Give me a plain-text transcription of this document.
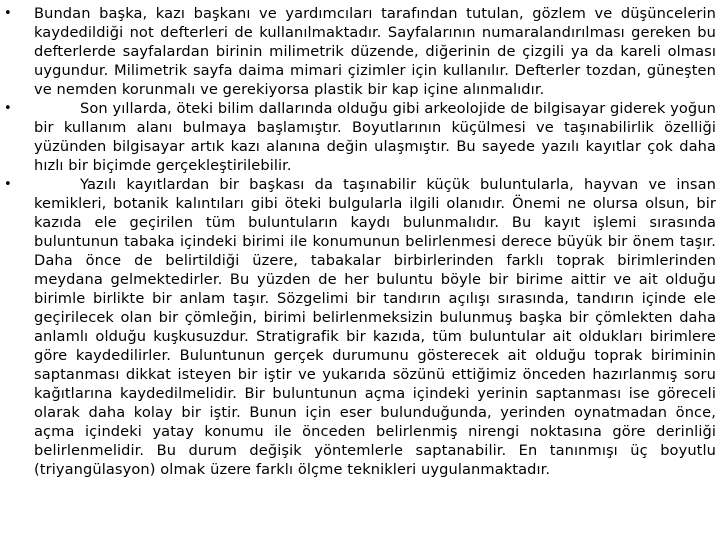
•	Bundan başka, kazı başkanı ve yardımcıları tarafından tutulan, gözlem ve düşüncelerin kaydedildiği not defterleri de kullanılmaktadır. Sayfalarının numaralandırılması gereken bu defterlerde sayfalardan birinin milimetrik düzende, diğerinin de çizgili ya da kareli olması uygundur. Milimetrik sayfa daima mimari çizimler için kullanılır. Defterler tozdan, güneşten ve nemden korunmalı ve gerekiyorsa plastik bir kap içine alınmalıdır.
•	Son yıllarda, öteki bilim dallarında olduğu gibi arkeolojide de bilgisayar giderek yoğun bir kullanım alanı bulmaya başlamıştır. Boyutlarının küçülmesi ve taşınabilirlik özelliği yüzünden bilgisayar artık kazı alanına değin ulaşmıştır. Bu sayede yazılı kayıtlar çok daha hızlı bir biçimde gerçekleştirilebilir.
•	Yazılı kayıtlardan bir başkası da taşınabilir küçük buluntularla, hayvan ve insan kemikleri, botanik kalıntıları gibi öteki bulgularla ilgili olanıdır. Önemi ne olursa olsun, bir kazıda ele geçirilen tüm buluntuların kaydı bulunmalıdır. Bu kayıt işlemi sırasında buluntunun tabaka içindeki birimi ile konumunun belirlenmesi derece büyük bir önem taşır. Daha önce de belirtildiği üzere, tabakalar birbirlerinden farklı toprak birimlerinden meydana gelmektedirler. Bu yüzden de her buluntu böyle bir birime aittir ve ait olduğu birimle birlikte bir anlam taşır. Sözgelimi bir tandırın açılışı sırasında, tandırın içinde ele geçirilecek olan bir çömleğin, birimi belirlenmeksizin bulunmuş başka bir çömlekten daha anlamlı olduğu kuşkusuzdur. Stratigrafik bir kazıda, tüm buluntular ait oldukları birimlere göre kaydedilirler. Buluntunun gerçek durumunu gösterecek ait olduğu toprak biriminin saptanması dikkat isteyen bir iştir ve yukarıda sözünü ettiğimiz önceden hazırlanmış soru kağıtlarına kaydedilmelidir. Bir buluntunun açma içindeki yerinin saptanması ise göreceli olarak daha kolay bir iştir. Bunun için eser bulunduğunda, yerinden oynatmadan önce, açma içindeki yatay konumu ile önceden belirlenmiş nirengi noktasına göre derinliği belirlenmelidir. Bu durum değişik yöntemlerle saptanabilir. En tanınmışı üç boyutlu (triyangülasyon) olmak üzere farklı ölçme teknikleri uygulanmaktadır.
